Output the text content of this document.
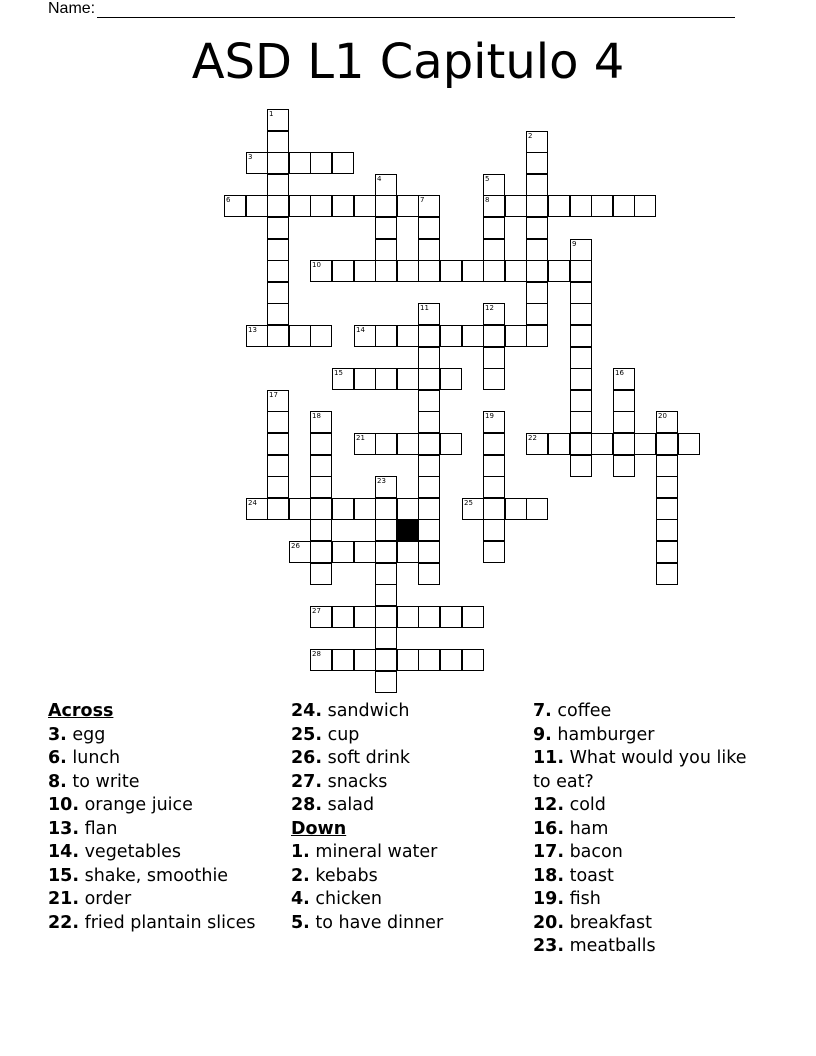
Name:
ASD L1 Capitulo 4
1
2
3
4	5
8
6	7
9
10
11	12
13	14
15	16
17
18	19	20
21	22
23
24	25
26
27
28
Across
3. egg
6. lunch
8. to write
10. orange juice
13. flan
14. vegetables
15. shake, smoothie
21. order
22. fried plantain slices
24. sandwich
25. cup
26. soft drink
27. snacks
28. salad
Down
1. mineral water
2. kebabs
4. chicken
5. to have dinner
7. coffee
9. hamburger
11. What would you like to eat?
12. cold
16. ham
17. bacon
18. toast
19. fish
20. breakfast
23. meatballs
